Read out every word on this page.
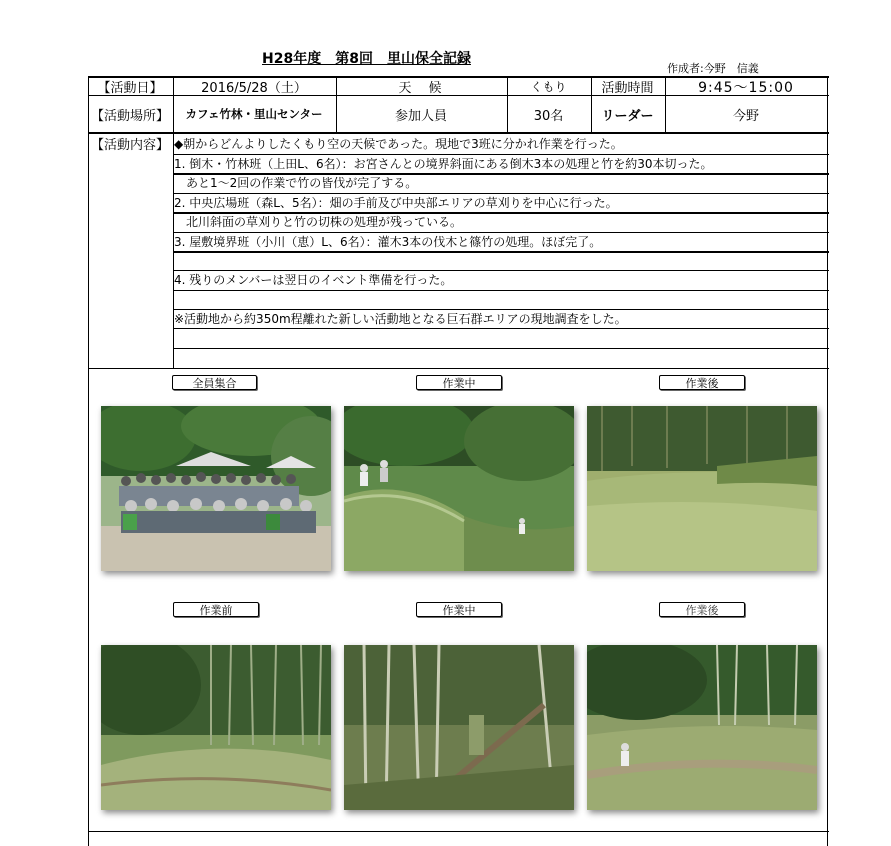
H28年度　第8回　里山保全記録
作成者:今野　信義
【活動日】	2016/5/28（土）	天　候	くもり	活動時間	9:45〜15:00
【活動場所】	カフェ竹林・里山センター	参加人員	30名	リーダー	今野
【活動内容】 ◆朝からどんよりしたくもり空の天候であった。現地で3班に分かれ作業を行った。
1. 倒木・竹林班（上田L、6名）：お宮さんとの境界斜面にある倒木3本の処理と竹を約30本切った。
　あと1〜2回の作業で竹の皆伐が完了する。
2. 中央広場班（森L、5名）：畑の手前及び中央部エリアの草刈りを中心に行った。
　北川斜面の草刈りと竹の切株の処理が残っている。
3. 屋敷境界班（小川（恵）L、6名）：灌木3本の伐木と篠竹の処理。ほぼ完了。
4. 残りのメンバーは翌日のイベント準備を行った。
※活動地から約350m程離れた新しい活動地となる巨石群エリアの現地調査をした。
全員集合	作業中	作業後
作業前	作業中	作業後
